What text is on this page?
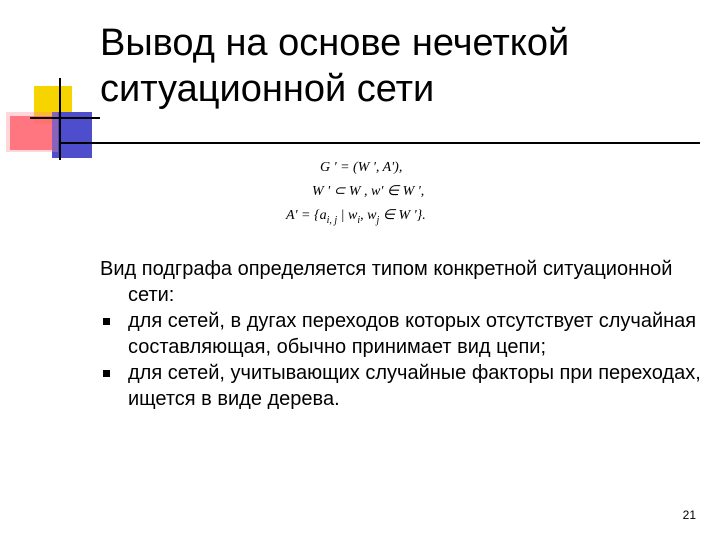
Вывод на основе нечеткой
ситуационной сети
G ' = (W ', A'),
W ' ⊂ W , w' ∈ W ',
$A' = \{a_{i, j}$ | $w_i$, $w_j$ ∈ W '}.

Вид подграфа определяется типом конкретной ситуационной сети:

для сетей, в дугах переходов которых отсутствует случайная составляющая, обычно принимает вид цепи;

для сетей, учитывающих случайные факторы при переходах, ищется в виде дерева.

21
